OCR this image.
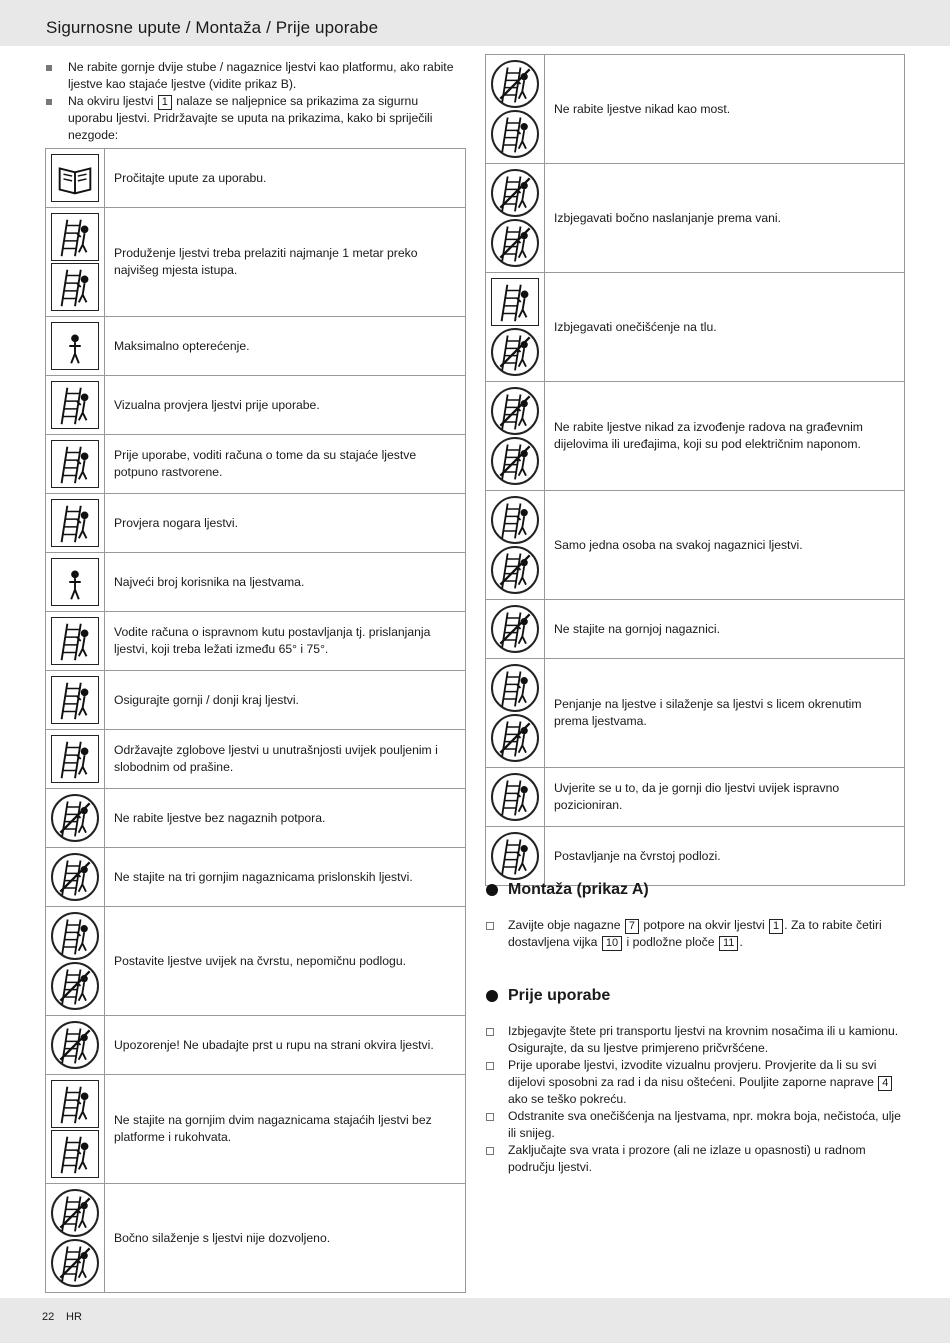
Sigurnosne upute / Montaža / Prije uporabe
Ne rabite gornje dvije stube / nagaznice ljestvi kao platformu, ako rabite ljestve kao stajaće ljestve (vidite prikaz B).
Na okviru ljestvi 1 nalaze se naljepnice sa prikazima za sigurnu uporabu ljestvi. Pridržavajte se uputa na prikazima, kako bi spriječili nezgode:
	Pročitajte upute za uporabu.

	Produženje ljestvi treba prelaziti najmanje 1 metar preko najvišeg mjesta istupa.

	Maksimalno opterećenje.

	Vizualna provjera ljestvi prije uporabe.

	Prije uporabe, voditi računa o tome da su stajaće ljestve potpuno rastvorene.

	Provjera nogara ljestvi.

	Najveći broj korisnika na ljestvama.

	Vodite računa o ispravnom kutu postavljanja tj. prislanjanja ljestvi, koji treba ležati između 65° i 75°.

	Osigurajte gornji / donji kraj ljestvi.

	Održavajte zglobove ljestvi u unutrašnjosti uvijek pouljenim i slobodnim od prašine.

	Ne rabite ljestve bez nagaznih potpora.

	Ne stajite na tri gornjim nagaznicama prislonskih ljestvi.

	Postavite ljestve uvijek na čvrstu, nepomičnu podlogu.

	Upozorenje! Ne ubadajte prst u rupu na strani okvira ljestvi.

	Ne stajite na gornjim dvim nagaznicama stajaćih ljestvi bez platforme i rukohvata.

	Bočno silaženje s ljestvi nije dozvoljeno.
	Ne rabite ljestve nikad kao most.

	Izbjegavati bočno naslanjanje prema vani.

	Izbjegavati onečišćenje na tlu.

	Ne rabite ljestve nikad za izvođenje radova na građevnim dijelovima ili uređajima, koji su pod električnim naponom.

	Samo jedna osoba na svakoj nagaznici ljestvi.

	Ne stajite na gornjoj nagaznici.

	Penjanje na ljestve i silaženje sa ljestvi s licem okrenutim prema ljestvama.

	Uvjerite se u to, da je gornji dio ljestvi uvijek ispravno pozicioniran.

	Postavljanje na čvrstoj podlozi.
Montaža (prikaz A)
Zavijte obje nagazne 7 potpore na okvir ljestvi 1 . Za to rabite četiri dostavljena vijka 10 i podložne ploče 11 .
Prije uporabe
Izbjegavjte štete pri transportu ljestvi na krovnim nosačima ili u kamionu. Osigurajte, da su ljestve primjereno pričvršćene.
Prije uporabe ljestvi, izvodite vizualnu provjeru. Provjerite da li su svi dijelovi sposobni za rad i da nisu oštećeni. Pouljite zaporne naprave 4 ako se teško pokreću.
Odstranite sva onečišćenja na ljestvama, npr. mokra boja, nečistoća, ulje ili snijeg.
Zaključajte sva vrata i prozore (ali ne izlaze u opasnosti) u radnom području ljestvi.
22 HR
